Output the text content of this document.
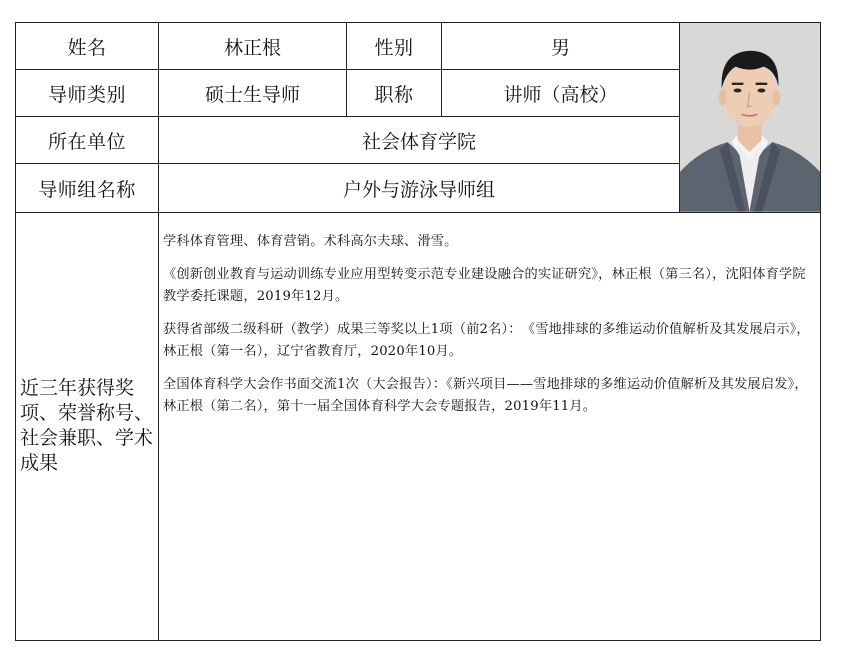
姓名	林正根	性别	男	

导师类别	硕士生导师	职称	讲师（高校）	
所在单位	社会体育学院			
导师组名称	户外与游泳导师组			
近三年获得奖项、荣誉称号、社会兼职、学术成果	学科体育管理、体育营销。术科高尔夫球、滑雪。

《创新创业教育与运动训练专业应用型转变示范专业建设融合的实证研究》，林正根（第三名），沈阳体育学院教学委托课题，2019年12月。

获得省部级二级科研（教学）成果三等奖以上1项（前2名）：　《雪地排球的多维运动价值解析及其发展启示》，林正根（第一名），辽宁省教育厅，2020年10月。

全国体育科学大会作书面交流1次（大会报告）：《新兴项目——雪地排球的多维运动价值解析及其发展启发》，林正根（第二名），第十一届全国体育科学大会专题报告，2019年11月。			
